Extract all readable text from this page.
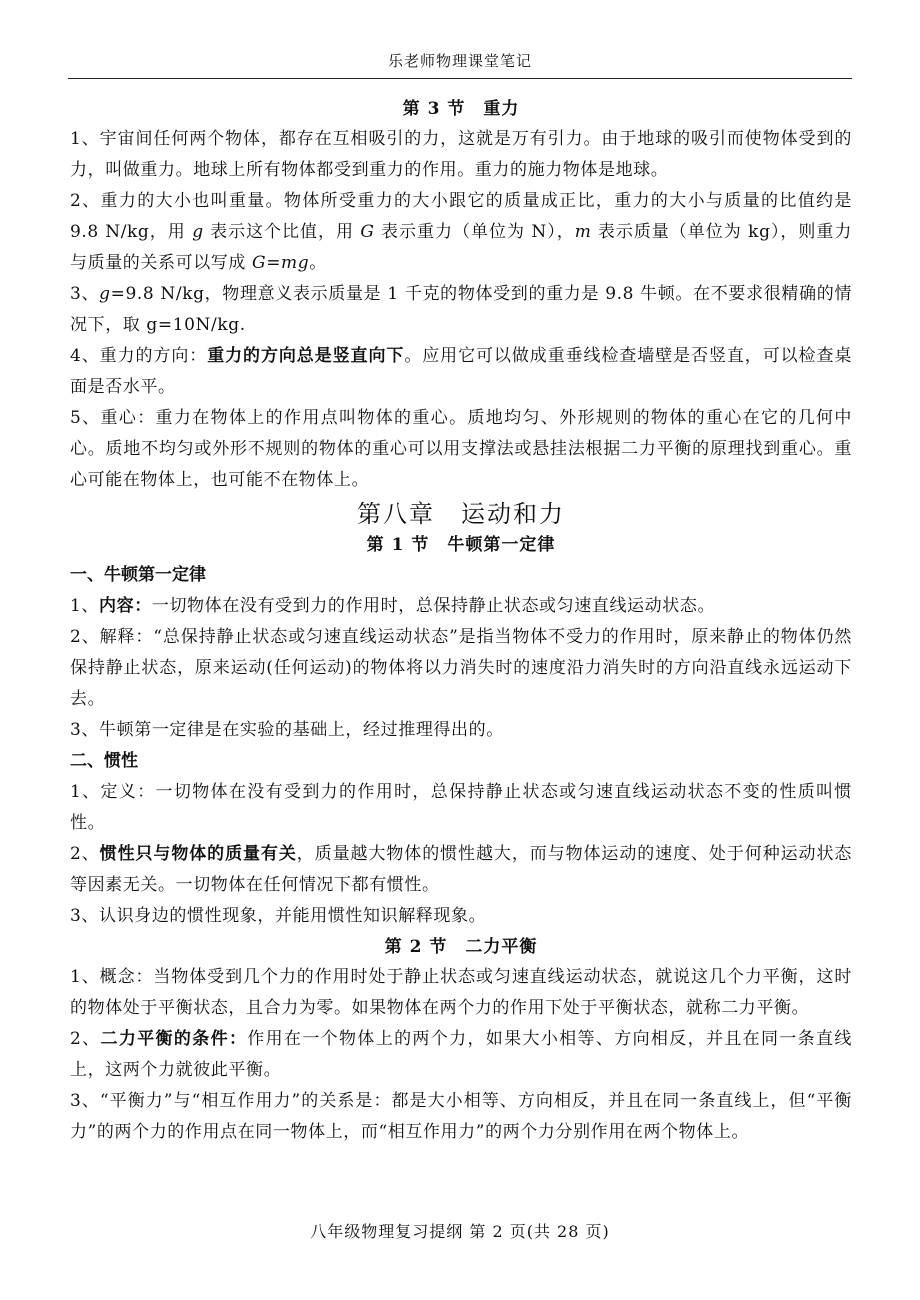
乐老师物理课堂笔记
第 3 节　重力

1、宇宙间任何两个物体，都存在互相吸引的力，这就是万有引力。由于地球的吸引而使物体受到的力，叫做重力。地球上所有物体都受到重力的作用。重力的施力物体是地球。

2、重力的大小也叫重量。物体所受重力的大小跟它的质量成正比，重力的大小与质量的比值约是 9.8 N/kg，用 g 表示这个比值，用 G 表示重力（单位为 N），m 表示质量（单位为 kg），则重力与质量的关系可以写成 G=mg。

3、g=9.8 N/kg，物理意义表示质量是 1 千克的物体受到的重力是 9.8 牛顿。在不要求很精确的情况下，取 g=10N/kg.

4、重力的方向：重力的方向总是竖直向下。应用它可以做成重垂线检查墙壁是否竖直，可以检查桌面是否水平。

5、重心：重力在物体上的作用点叫物体的重心。质地均匀、外形规则的物体的重心在它的几何中心。质地不均匀或外形不规则的物体的重心可以用支撑法或悬挂法根据二力平衡的原理找到重心。重心可能在物体上，也可能不在物体上。

第八章　运动和力
第 1 节　牛顿第一定律
一、牛顿第一定律

1、内容：一切物体在没有受到力的作用时，总保持静止状态或匀速直线运动状态。

2、解释：“总保持静止状态或匀速直线运动状态”是指当物体不受力的作用时，原来静止的物体仍然保持静止状态，原来运动(任何运动)的物体将以力消失时的速度沿力消失时的方向沿直线永远运动下去。

3、牛顿第一定律是在实验的基础上，经过推理得出的。

二、惯性

1、定义：一切物体在没有受到力的作用时，总保持静止状态或匀速直线运动状态不变的性质叫惯性。

2、惯性只与物体的质量有关，质量越大物体的惯性越大，而与物体运动的速度、处于何种运动状态等因素无关。一切物体在任何情况下都有惯性。

3、认识身边的惯性现象，并能用惯性知识解释现象。

第 2 节　二力平衡

1、概念：当物体受到几个力的作用时处于静止状态或匀速直线运动状态，就说这几个力平衡，这时的物体处于平衡状态，且合力为零。如果物体在两个力的作用下处于平衡状态，就称二力平衡。

2、二力平衡的条件：作用在一个物体上的两个力，如果大小相等、方向相反，并且在同一条直线上，这两个力就彼此平衡。

3、“平衡力”与“相互作用力”的关系是：都是大小相等、方向相反，并且在同一条直线上，但“平衡力”的两个力的作用点在同一物体上，而“相互作用力”的两个力分别作用在两个物体上。

八年级物理复习提纲 第 2 页(共 28 页)
